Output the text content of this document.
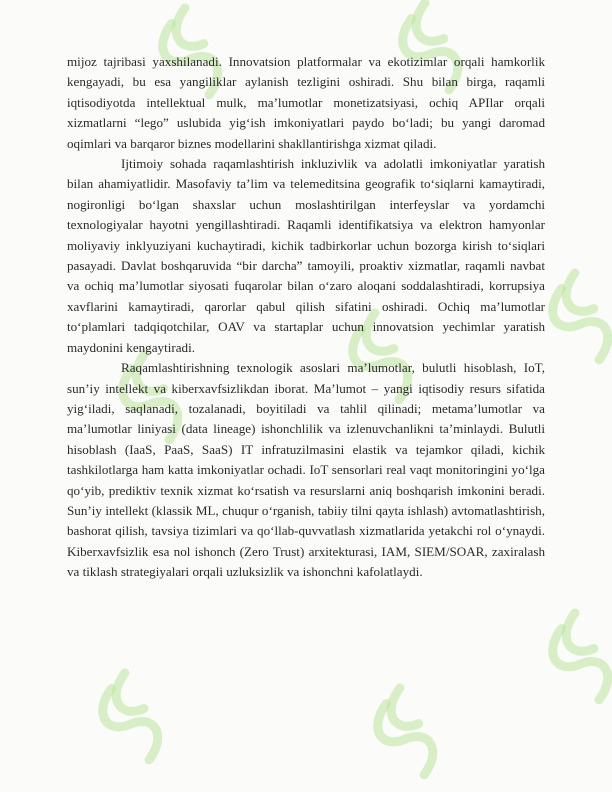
mijoz tajribasi yaxshilanadi. Innovatsion platformalar va ekotizimlar orqali hamkorlik kengayadi, bu esa yangiliklar aylanish tezligini oshiradi. Shu bilan birga, raqamli iqtisodiyotda intellektual mulk, ma’lumotlar monetizatsiyasi, ochiq APIlar orqali xizmatlarni “lego” uslubida yig‘ish imkoniyatlari paydo bo‘ladi; bu yangi daromad oqimlari va barqaror biznes modellarini shakllantirishga xizmat qiladi.

Ijtimoiy sohada raqamlashtirish inkluzivlik va adolatli imkoniyatlar yaratish bilan ahamiyatlidir. Masofaviy ta’lim va telemeditsina geografik to‘siqlarni kamaytiradi, nogironligi bo‘lgan shaxslar uchun moslashtirilgan interfeyslar va yordamchi texnologiyalar hayotni yengillashtiradi. Raqamli identifikatsiya va elektron hamyonlar moliyaviy inklyuziyani kuchaytiradi, kichik tadbirkorlar uchun bozorga kirish to‘siqlari pasayadi. Davlat boshqaruvida “bir darcha” tamoyili, proaktiv xizmatlar, raqamli navbat va ochiq ma’lumotlar siyosati fuqarolar bilan o‘zaro aloqani soddalashtiradi, korrupsiya xavflarini kamaytiradi, qarorlar qabul qilish sifatini oshiradi. Ochiq ma’lumotlar to‘plamlari tadqiqotchilar, OAV va startaplar uchun innovatsion yechimlar yaratish maydonini kengaytiradi.

Raqamlashtirishning texnologik asoslari ma’lumotlar, bulutli hisoblash, IoT, sun’iy intellekt va kiberxavfsizlikdan iborat. Ma’lumot – yangi iqtisodiy resurs sifatida yig‘iladi, saqlanadi, tozalanadi, boyitiladi va tahlil qilinadi; metama’lumotlar va ma’lumotlar liniyasi (data lineage) ishonchlilik va izlenuvchanlikni ta’minlaydi. Bulutli hisoblash (IaaS, PaaS, SaaS) IT infratuzilmasini elastik va tejamkor qiladi, kichik tashkilotlarga ham katta imkoniyatlar ochadi. IoT sensorlari real vaqt monitoringini yo‘lga qo‘yib, prediktiv texnik xizmat ko‘rsatish va resurslarni aniq boshqarish imkonini beradi. Sun’iy intellekt (klassik ML, chuqur o‘rganish, tabiiy tilni qayta ishlash) avtomatlashtirish, bashorat qilish, tavsiya tizimlari va qo‘llab-quvvatlash xizmatlarida yetakchi rol o‘ynaydi. Kiberxavfsizlik esa nol ishonch (Zero Trust) arxitekturasi, IAM, SIEM/SOAR, zaxiralash va tiklash strategiyalari orqali uzluksizlik va ishonchni kafolatlaydi.
